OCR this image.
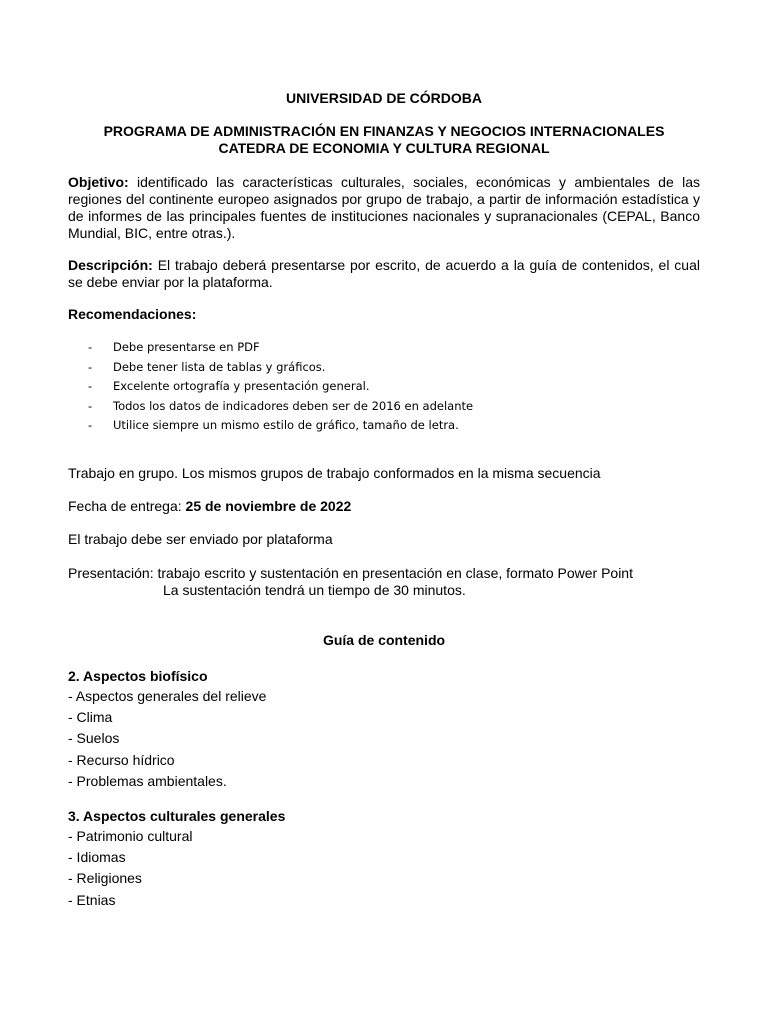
UNIVERSIDAD DE CÓRDOBA
PROGRAMA DE ADMINISTRACIÓN EN FINANZAS Y NEGOCIOS INTERNACIONALES
CATEDRA DE ECONOMIA Y CULTURA REGIONAL

Objetivo: identificado las características culturales, sociales, económicas y ambientales de las regiones del continente europeo asignados por grupo de trabajo, a partir de información estadística y de informes de las principales fuentes de instituciones nacionales y supranacionales (CEPAL, Banco Mundial, BIC, entre otras.).

Descripción: El trabajo deberá presentarse por escrito, de acuerdo a la guía de contenidos, el cual se debe enviar por la plataforma.

Recomendaciones:
-	Debe presentarse en PDF
-	Debe tener lista de tablas y gráficos.
-	Excelente ortografía y presentación general.
-	Todos los datos de indicadores deben ser de 2016 en adelante
-	Utilice siempre un mismo estilo de gráfico, tamaño de letra.
Trabajo en grupo. Los mismos grupos de trabajo conformados en la misma secuencia
Fecha de entrega: 25 de noviembre de 2022
El trabajo debe ser enviado por plataforma
Presentación: trabajo escrito y sustentación en presentación en clase, formato Power Point
La sustentación tendrá un tiempo de 30 minutos.
Guía de contenido
2. Aspectos biofísico
- Aspectos generales del relieve
- Clima
- Suelos
- Recurso hídrico
- Problemas ambientales.
3. Aspectos culturales generales
- Patrimonio cultural
- Idiomas
- Religiones
- Etnias
